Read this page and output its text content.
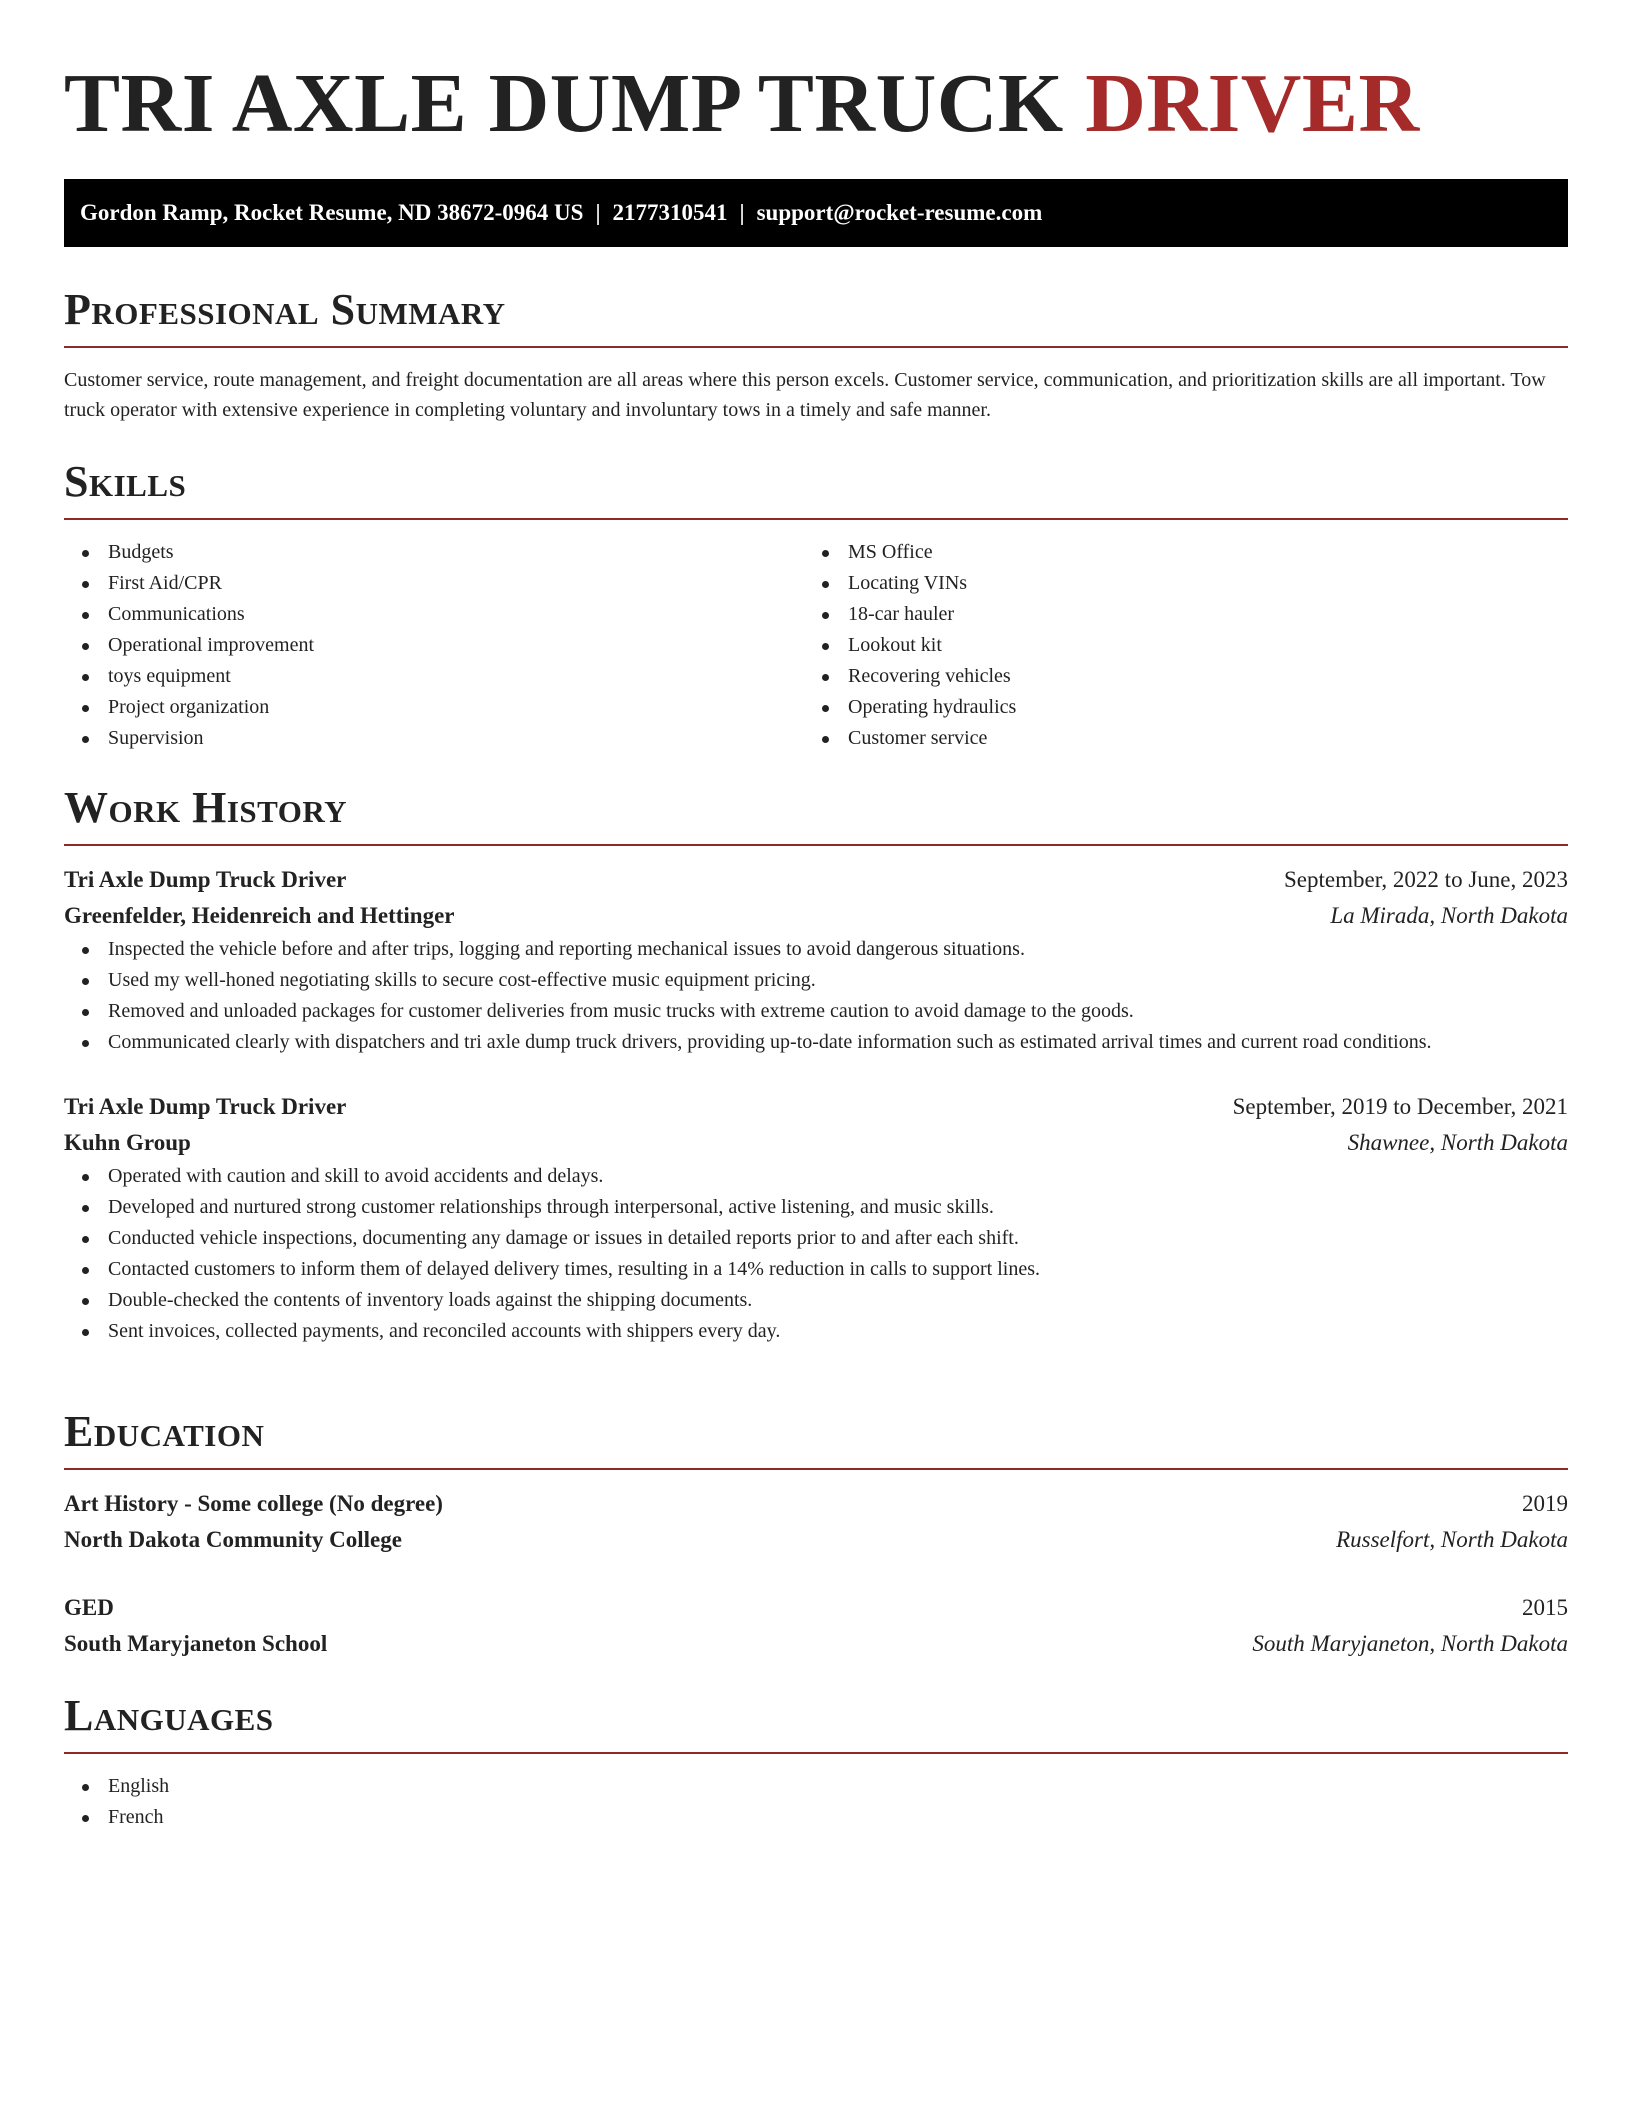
TRI AXLE DUMP TRUCK DRIVER
Gordon Ramp, Rocket Resume, ND 38672-0964 US | 2177310541 | support@rocket-resume.com
Professional Summary

Customer service, route management, and freight documentation are all areas where this person excels. Customer service, communication, and prioritization skills are all important. Tow truck operator with extensive experience in completing voluntary and involuntary tows in a timely and safe manner.

Skills
Budgets
First Aid/CPR
Communications
Operational improvement
toys equipment
Project organization
Supervision
MS Office
Locating VINs
18-car hauler
Lookout kit
Recovering vehicles
Operating hydraulics
Customer service
Work History
Tri Axle Dump Truck Driver	September, 2022 to June, 2023
Greenfelder, Heidenreich and Hettinger	La Mirada, North Dakota
Inspected the vehicle before and after trips, logging and reporting mechanical issues to avoid dangerous situations.
Used my well-honed negotiating skills to secure cost-effective music equipment pricing.
Removed and unloaded packages for customer deliveries from music trucks with extreme caution to avoid damage to the goods.
Communicated clearly with dispatchers and tri axle dump truck drivers, providing up-to-date information such as estimated arrival times and current road conditions.
Tri Axle Dump Truck Driver	September, 2019 to December, 2021
Kuhn Group	Shawnee, North Dakota
Operated with caution and skill to avoid accidents and delays.
Developed and nurtured strong customer relationships through interpersonal, active listening, and music skills.
Conducted vehicle inspections, documenting any damage or issues in detailed reports prior to and after each shift.
Contacted customers to inform them of delayed delivery times, resulting in a 14% reduction in calls to support lines.
Double-checked the contents of inventory loads against the shipping documents.
Sent invoices, collected payments, and reconciled accounts with shippers every day.
Education
Art History - Some college (No degree)	2019
North Dakota Community College	Russelfort, North Dakota
GED	2015
South Maryjaneton School	South Maryjaneton, North Dakota
Languages
English
French
